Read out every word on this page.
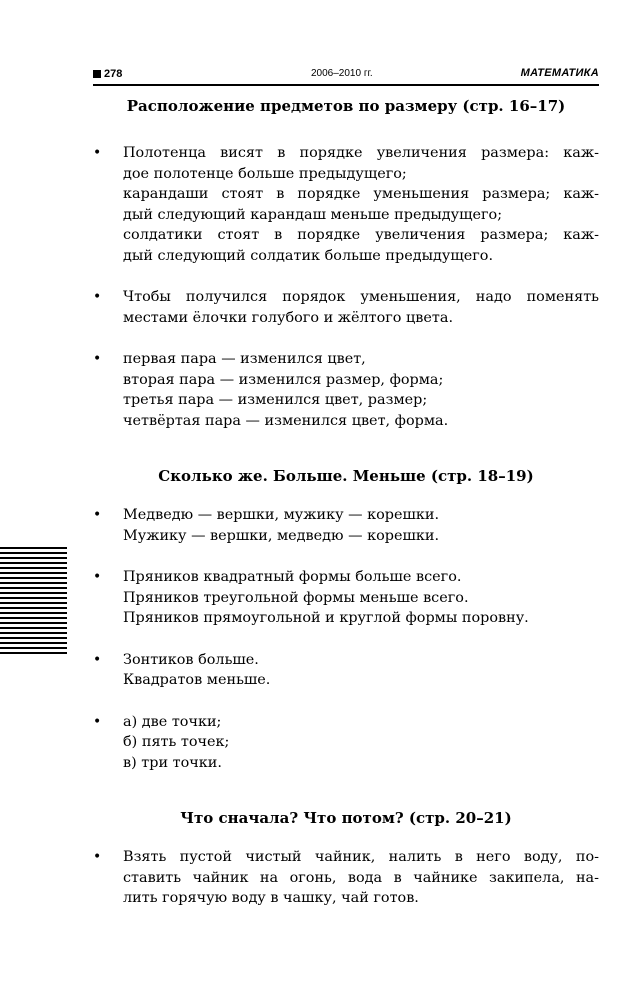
278	2006–2010 гг.	МАТЕМАТИКА
Расположение предметов по размеру (стр. 16–17)
• Полотенца висят в порядке увеличения размера: каж-
дое полотенце больше предыдущего;
карандаши стоят в порядке уменьшения размера; каж-
дый следующий карандаш меньше предыдущего;
солдатики стоят в порядке увеличения размера; каж-
дый следующий солдатик больше предыдущего.
• Чтобы получился порядок уменьшения, надо поменять
местами ёлочки голубого и жёлтого цвета.
• первая пара — изменился цвет,
вторая пара — изменился размер, форма;
третья пара — изменился цвет, размер;
четвёртая пара — изменился цвет, форма.
Сколько же. Больше. Меньше (стр. 18–19)
• Медведю — вершки, мужику — корешки.
Мужику — вершки, медведю — корешки.
• Пряников квадратный формы больше всего.
Пряников треугольной формы меньше всего.
Пряников прямоугольной и круглой формы поровну.
• Зонтиков больше.
Квадратов меньше.
• а) две точки;
б) пять точек;
в) три точки.
Что сначала? Что потом? (стр. 20–21)
• Взять пустой чистый чайник, налить в него воду, по-
ставить чайник на огонь, вода в чайнике закипела, на-
лить горячую воду в чашку, чай готов.
